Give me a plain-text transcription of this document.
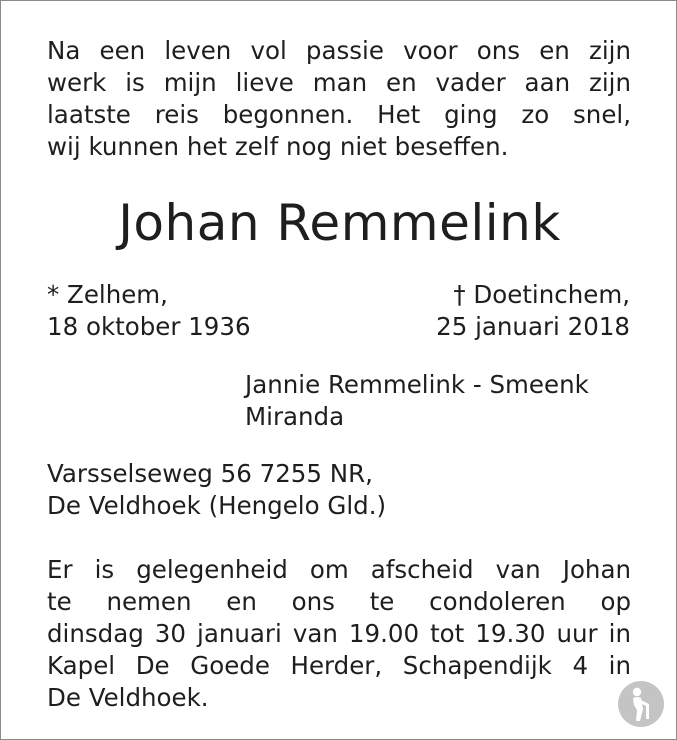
Na een leven vol passie voor ons en zijn
werk is mijn lieve man en vader aan zijn
laatste reis begonnen. Het ging zo snel,
wij kunnen het zelf nog niet beseffen.
Johan Remmelink
* Zelhem,
18 oktober 1936
† Doetinchem,
25 januari 2018
Jannie Remmelink - Smeenk
Miranda
Varsselseweg 56 7255 NR,
De Veldhoek (Hengelo Gld.)
Er is gelegenheid om afscheid van Johan
te nemen en ons te condoleren op
dinsdag 30 januari van 19.00 tot 19.30 uur in
Kapel De Goede Herder, Schapendijk 4 in
De Veldhoek.
